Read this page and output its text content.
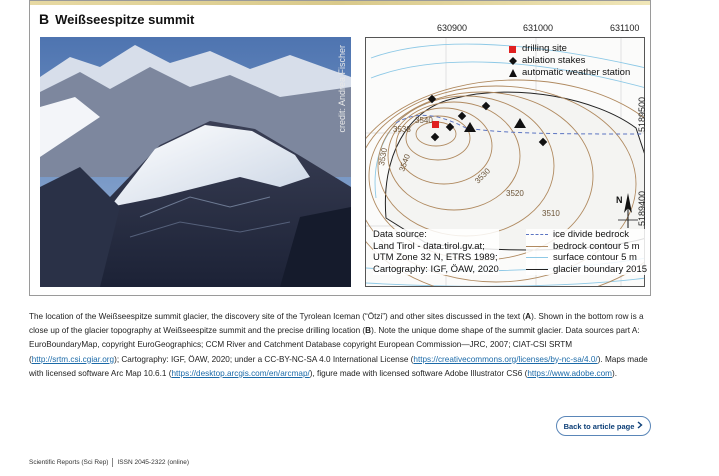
B Weißseespitze summit
credit: Andrea Fischer	3538
3540
3540
3530
3520
3510
3530
630900	631000	631100
5189500
5189400
N
drilling site
ablation stakes
automatic weather station
Data source:
Land Tirol - data.tirol.gv.at;
UTM Zone 32 N, ETRS 1989;
Cartography: IGF, ÖAW, 2020
ice divide bedrock
bedrock contour 5 m
surface contour 5 m
glacier boundary 2015

The location of the Weißseespitze summit glacier, the discovery site of the Tyrolean Iceman (“Ötzi”) and other sites discussed in the text (A). Shown in the bottom row is a close up of the glacier topography at Weißseespitze summit and the precise drilling location (B). Note the unique dome shape of the summit glacier. Data sources part A: EuroBoundaryMap, copyright EuroGeographics; CCM River and Catchment Database copyright European Commission—JRC, 2007; CIAT-CSI SRTM (http://srtm.csi.cgiar.org); Cartography: IGF, ÖAW, 2020; under a CC-BY-NC-SA 4.0 International License (https://creativecommons.org/licenses/by-nc-sa/4.0/). Maps made with licensed software Arc Map 10.6.1 (https://desktop.arcgis.com/en/arcmap/), figure made with licensed software Adobe Illustrator CS6 (https://www.adobe.com).

Back to article page
Scientific Reports (Sci Rep) ISSN 2045-2322 (online)
